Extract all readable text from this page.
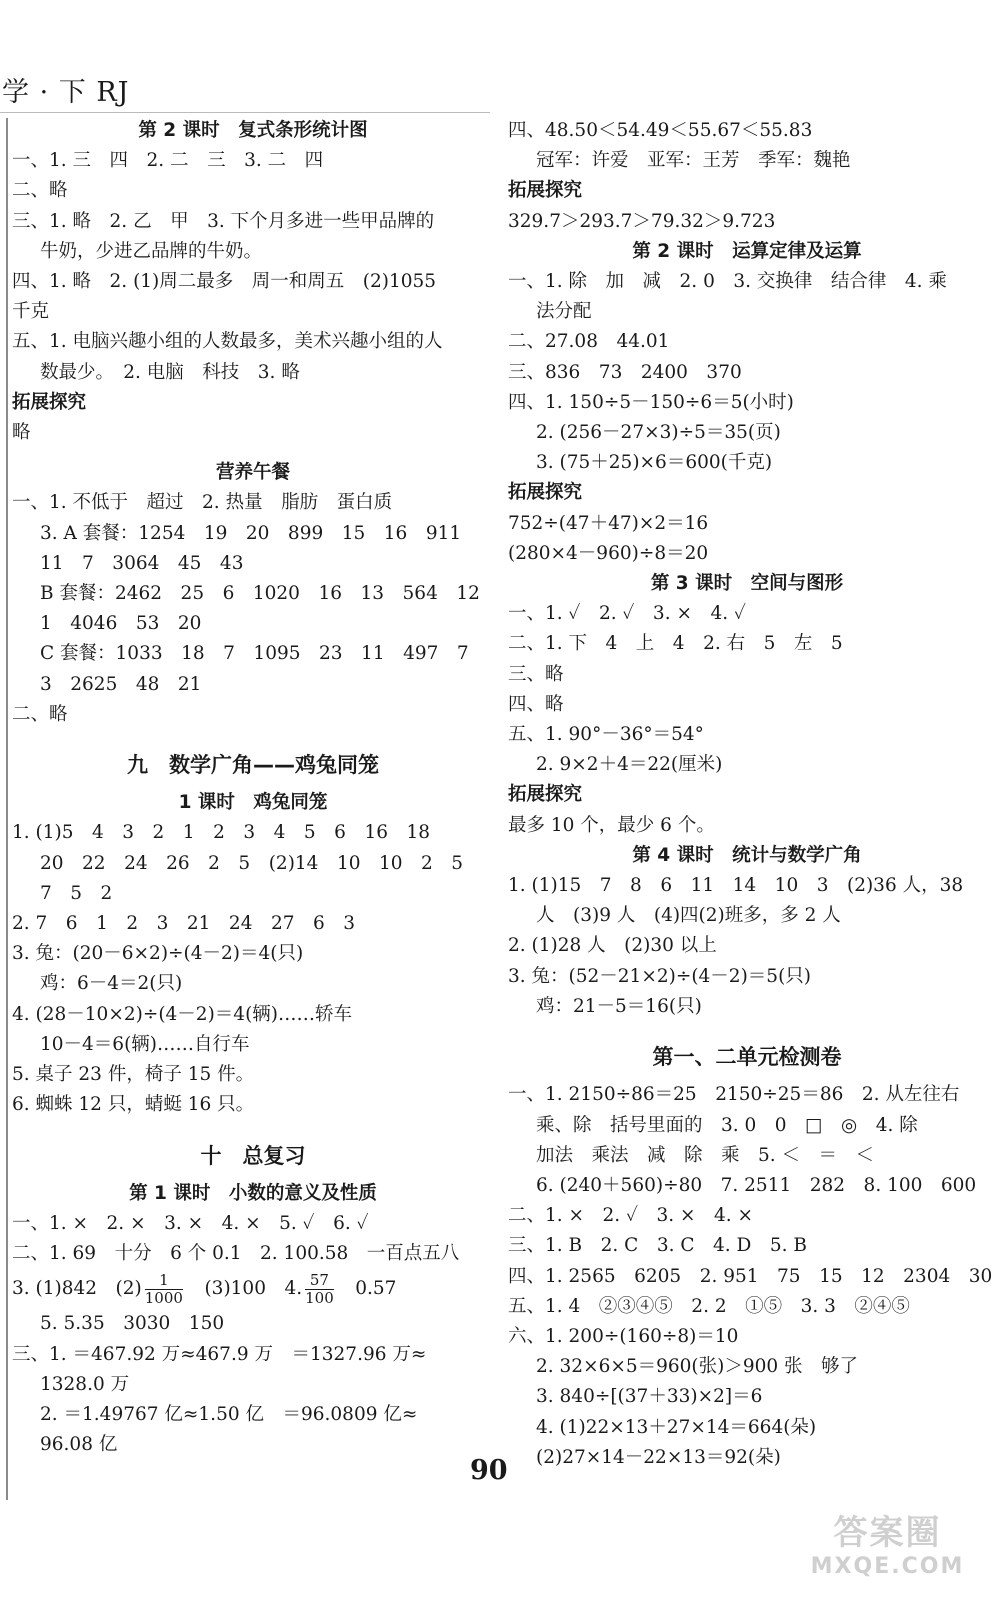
学 · 下 RJ
第 2 课时　复式条形统计图
一、1. 三　四　2. 二　三　3. 二　四
二、略
三、1. 略　2. 乙　甲　3. 下个月多进一些甲品牌的
牛奶，少进乙品牌的牛奶。
四、1. 略　2. (1)周二最多　周一和周五　(2)1055
千克
五、1. 电脑兴趣小组的人数最多，美术兴趣小组的人
数最少。　2. 电脑　科技　3. 略
拓展探究
略
营养午餐
一、1. 不低于　超过　2. 热量　脂肪　蛋白质
3. A 套餐：1254　19　20　899　15　16　911
11　7　3064　45　43
B 套餐：2462　25　6　1020　16　13　564　12
1　4046　53　20
C 套餐：1033　18　7　1095　23　11　497　7
3　2625　48　21
二、略
九　数学广角——鸡兔同笼
1 课时　鸡兔同笼
1. (1)5　4　3　2　1　2　3　4　5　6　16　18
20　22　24　26　2　5　(2)14　10　10　2　5
7　5　2
2. 7　6　1　2　3　21　24　27　6　3
3. 兔：(20－6×2)÷(4－2)＝4(只)
鸡：6－4＝2(只)
4. (28－10×2)÷(4－2)＝4(辆)……轿车
10－4＝6(辆)……自行车
5. 桌子 23 件，椅子 15 件。
6. 蜘蛛 12 只，蜻蜓 16 只。
十　总复习
第 1 课时　小数的意义及性质
一、1. ×　2. ×　3. ×　4. ×　5. ✓　6. ✓
二、1. 69　十分　6 个 0.1　2. 100.58　一百点五八
3. (1)842　$(2) \frac{1}{1000}$ 　(3)100　4. $\frac{57}{100}$ 　0.57
5. 5.35　3030　150
三、1. ＝467.92 万≈467.9 万　＝1327.96 万≈
1328.0 万
2. ＝1.49767 亿≈1.50 亿　＝96.0809 亿≈
96.08 亿
四、48.50＜54.49＜55.67＜55.83
冠军：许爱　亚军：王芳　季军：魏艳
拓展探究
329.7＞293.7＞79.32＞9.723
第 2 课时　运算定律及运算
一、1. 除　加　减　2. 0　3. 交换律　结合律　4. 乘
法分配
二、27.08　44.01
三、836　73　2400　370
四、1. 150÷5－150÷6＝5(小时)
2. (256－27×3)÷5＝35(页)
3. (75＋25)×6＝600(千克)
拓展探究
752÷(47＋47)×2＝16
(280×4－960)÷8＝20
第 3 课时　空间与图形
一、1. ✓　2. ✓　3. ×　4. ✓
二、1. 下　4　上　4　2. 右　5　左　5
三、略
四、略
五、1. 90°－36°＝54°
2. 9×2＋4＝22(厘米)
拓展探究
最多 10 个，最少 6 个。
第 4 课时　统计与数学广角
1. (1)15　7　8　6　11　14　10　3　(2)36 人，38
人　(3)9 人　(4)四(2)班多，多 2 人
2. (1)28 人　(2)30 以上
3. 兔：(52－21×2)÷(4－2)＝5(只)
鸡：21－5＝16(只)
第一、二单元检测卷
一、1. 2150÷86＝25　2150÷25＝86　2. 从左往右
乘、除　括号里面的　3. 0　0　□　◎　4. 除
加法　乘法　减　除　乘　5. ＜　＝　＜
6. (240＋560)÷80　7. 2511　282　8. 100　600
二、1. ×　2. ✓　3. ×　4. ×
三、1. B　2. C　3. C　4. D　5. B
四、1. 2565　6205　2. 951　75　15　12　2304　30
五、1. 4　②③④⑤　2. 2　①⑤　3. 3　②④⑤
六、1. 200÷(160÷8)＝10
2. 32×6×5＝960(张)＞900 张　够了
3. 840÷[(37＋33)×2]＝6
4. (1)22×13＋27×14＝664(朵)
(2)27×14－22×13＝92(朵)
90
答案圈
MXQE.COM
